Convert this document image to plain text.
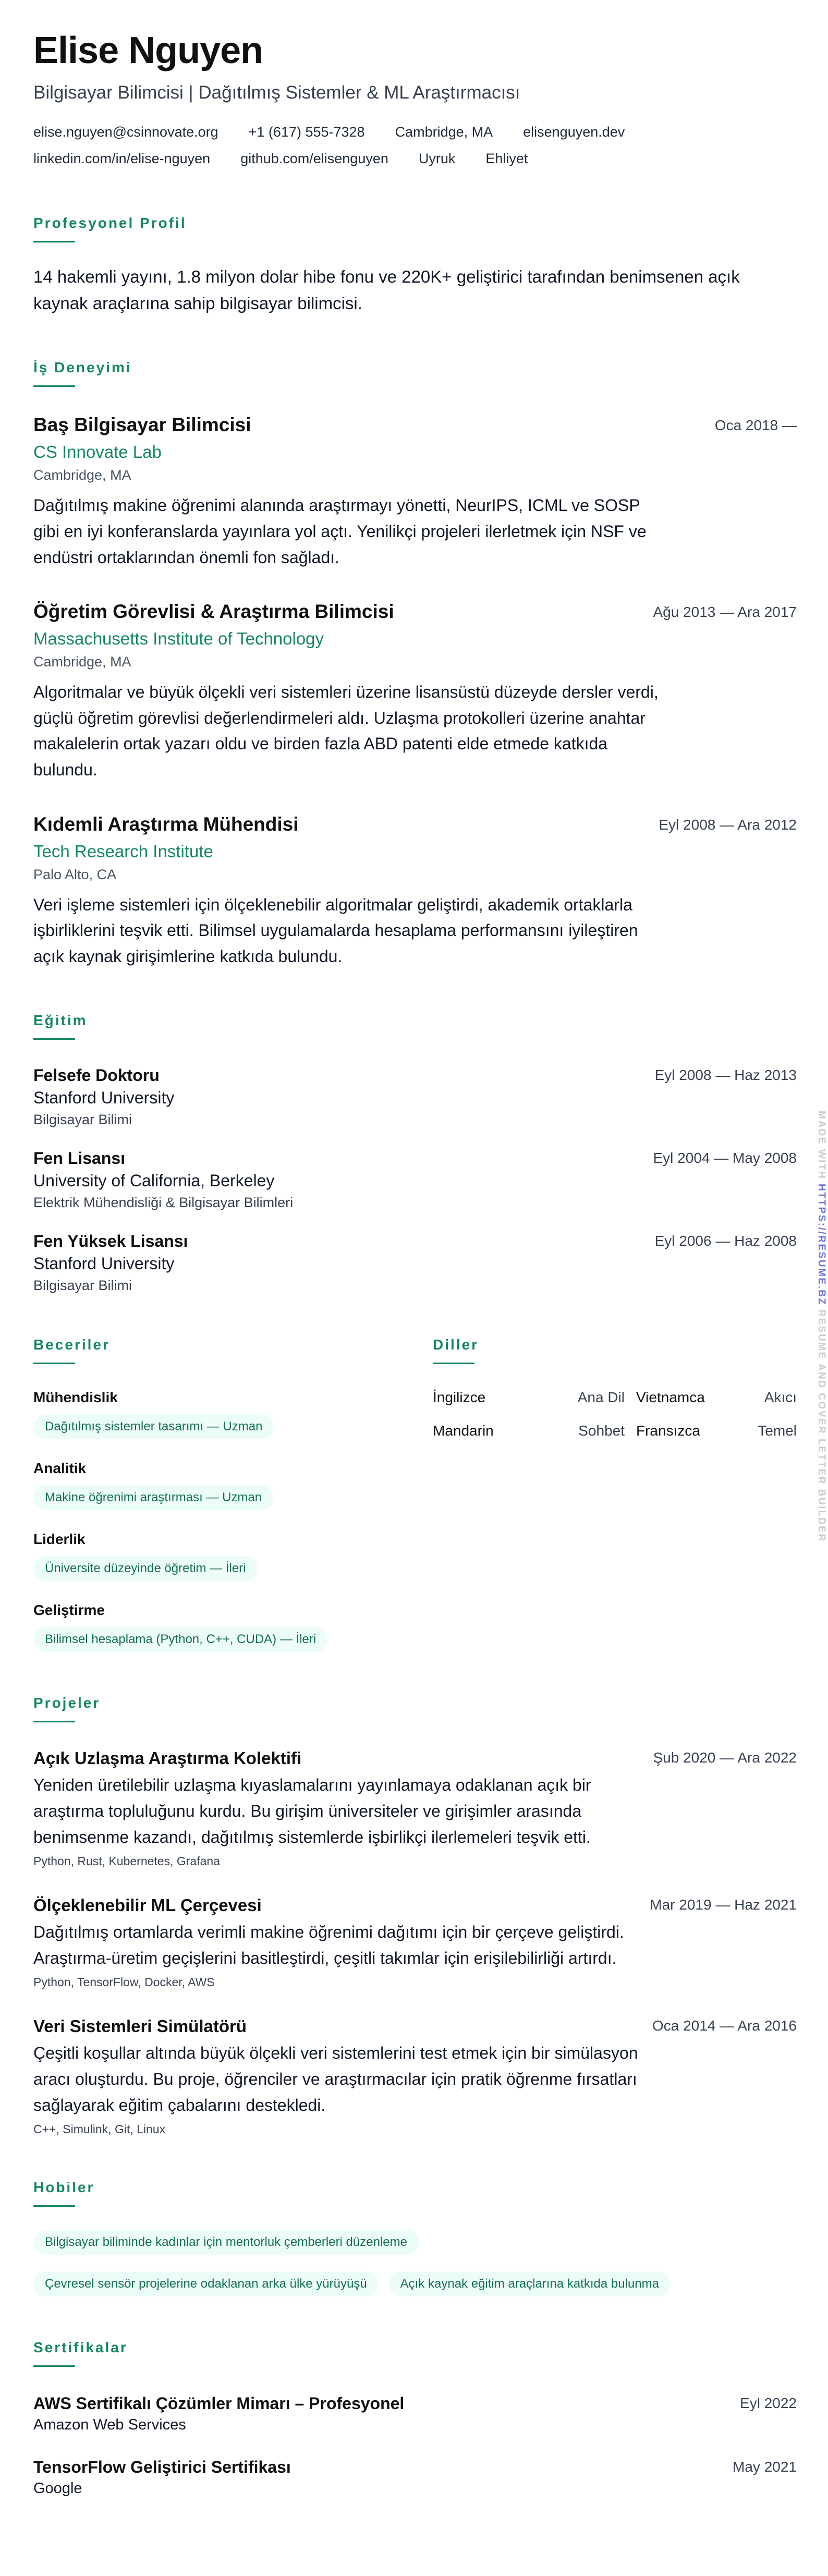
Elise Nguyen
Bilgisayar Bilimcisi | Dağıtılmış Sistemler & ML Araştırmacısı
elise.nguyen@csinnovate.org +1 (617) 555-7328 Cambridge, MA elisenguyen.dev
linkedin.com/in/elise-nguyen github.com/elisenguyen Uyruk Ehliyet
Profesyonel Profil
14 hakemli yayını, 1.8 milyon dolar hibe fonu ve 220K+ geliştirici tarafından benimsenen açık kaynak araçlarına sahip bilgisayar bilimcisi.
İş Deneyimi
Baş Bilgisayar Bilimcisi	Oca 2018 —
CS Innovate Lab
Cambridge, MA
Dağıtılmış makine öğrenimi alanında araştırmayı yönetti, NeurIPS, ICML ve SOSP gibi en iyi konferanslarda yayınlara yol açtı. Yenilikçi projeleri ilerletmek için NSF ve endüstri ortaklarından önemli fon sağladı.
Öğretim Görevlisi & Araştırma Bilimcisi	Ağu 2013 — Ara 2017
Massachusetts Institute of Technology
Cambridge, MA
Algoritmalar ve büyük ölçekli veri sistemleri üzerine lisansüstü düzeyde dersler verdi, güçlü öğretim görevlisi değerlendirmeleri aldı. Uzlaşma protokolleri üzerine anahtar makalelerin ortak yazarı oldu ve birden fazla ABD patenti elde etmede katkıda bulundu.
Kıdemli Araştırma Mühendisi	Eyl 2008 — Ara 2012
Tech Research Institute
Palo Alto, CA
Veri işleme sistemleri için ölçeklenebilir algoritmalar geliştirdi, akademik ortaklarla işbirliklerini teşvik etti. Bilimsel uygulamalarda hesaplama performansını iyileştiren açık kaynak girişimlerine katkıda bulundu.
Eğitim
Felsefe Doktoru	Eyl 2008 — Haz 2013
Stanford University
Bilgisayar Bilimi
Fen Lisansı	Eyl 2004 — May 2008
University of California, Berkeley
Elektrik Mühendisliği & Bilgisayar Bilimleri
Fen Yüksek Lisansı	Eyl 2006 — Haz 2008
Stanford University
Bilgisayar Bilimi
Beceriler
Mühendislik
Dağıtılmış sistemler tasarımı — Uzman
Analitik
Makine öğrenimi araştırması — Uzman
Liderlik
Üniversite düzeyinde öğretim — İleri
Geliştirme
Bilimsel hesaplama (Python, C++, CUDA) — İleri
Diller
İngilizce	Ana Dil Vietnamca	Akıcı
Mandarin	Sohbet Fransızca	Temel
Projeler
Açık Uzlaşma Araştırma Kolektifi	Şub 2020 — Ara 2022
Yeniden üretilebilir uzlaşma kıyaslamalarını yayınlamaya odaklanan açık bir araştırma topluluğunu kurdu. Bu girişim üniversiteler ve girişimler arasında benimsenme kazandı, dağıtılmış sistemlerde işbirlikçi ilerlemeleri teşvik etti.
Python, Rust, Kubernetes, Grafana
Ölçeklenebilir ML Çerçevesi	Mar 2019 — Haz 2021
Dağıtılmış ortamlarda verimli makine öğrenimi dağıtımı için bir çerçeve geliştirdi. Araştırma-üretim geçişlerini basitleştirdi, çeşitli takımlar için erişilebilirliği artırdı.
Python, TensorFlow, Docker, AWS
Veri Sistemleri Simülatörü	Oca 2014 — Ara 2016
Çeşitli koşullar altında büyük ölçekli veri sistemlerini test etmek için bir simülasyon aracı oluşturdu. Bu proje, öğrenciler ve araştırmacılar için pratik öğrenme fırsatları sağlayarak eğitim çabalarını destekledi.
C++, Simulink, Git, Linux
Hobiler
Bilgisayar biliminde kadınlar için mentorluk çemberleri düzenleme
Çevresel sensör projelerine odaklanan arka ülke yürüyüşü	Açık kaynak eğitim araçlarına katkıda bulunma
Sertifikalar
AWS Sertifikalı Çözümler Mimarı – Profesyonel	Eyl 2022
Amazon Web Services
TensorFlow Geliştirici Sertifikası	May 2021
Google
MADE WITH HTTPS://RESUME.BZ RESUME AND COVER LETTER BUILDER
